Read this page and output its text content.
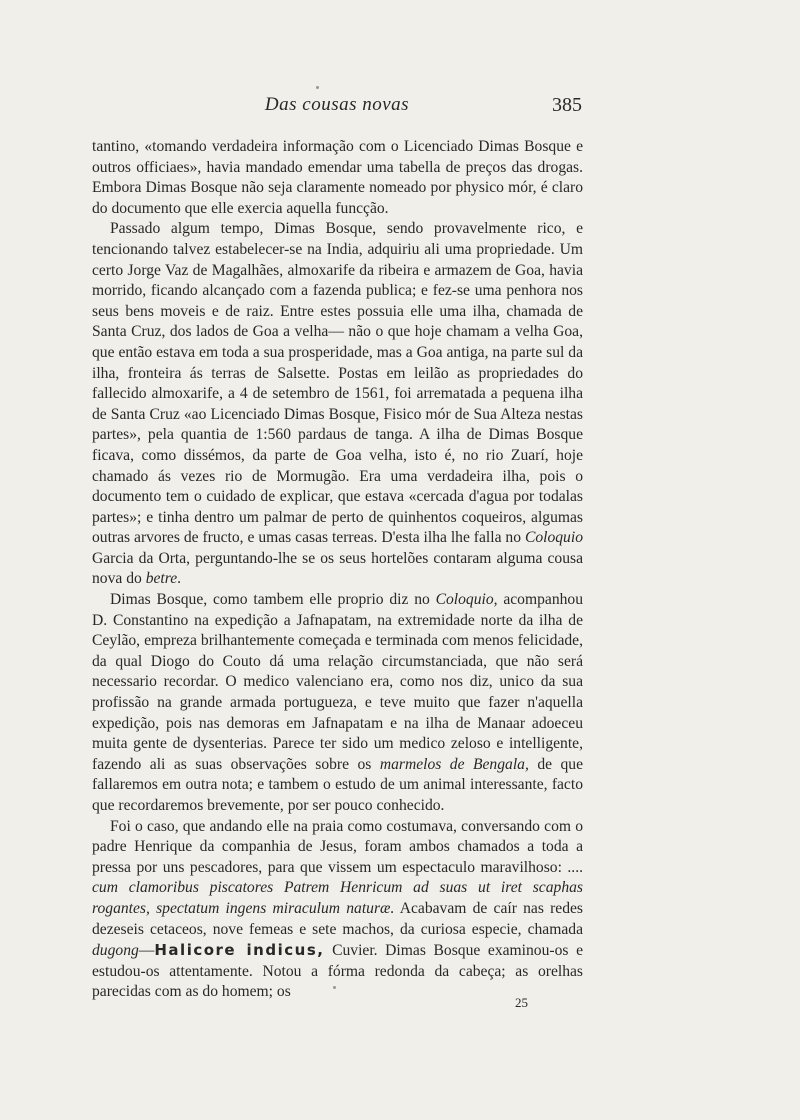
Das cousas novas	385

tantino, «tomando verdadeira informação com o Licenciado Dimas Bosque e outros officiaes», havia mandado emendar uma tabella de preços das drogas. Embora Dimas Bosque não seja claramente nomeado por physico mór, é claro do documento que elle exercia aquella funcção.

Passado algum tempo, Dimas Bosque, sendo provavelmente rico, e tencionando talvez estabelecer-se na India, adquiriu ali uma propriedade. Um certo Jorge Vaz de Magalhães, almoxarife da ribeira e armazem de Goa, havia morrido, ficando alcançado com a fazenda publica; e fez-se uma penhora nos seus bens moveis e de raiz. Entre estes possuia elle uma ilha, chamada de Santa Cruz, dos lados de Goa a velha— não o que hoje chamam a velha Goa, que então estava em toda a sua prosperidade, mas a Goa antiga, na parte sul da ilha, fronteira ás terras de Salsette. Postas em leilão as propriedades do fallecido almoxarife, a 4 de setembro de 1561, foi arrematada a pequena ilha de Santa Cruz «ao Licenciado Dimas Bosque, Fisico mór de Sua Alteza nestas partes», pela quantia de 1:560 pardaus de tanga. A ilha de Dimas Bosque ficava, como dissémos, da parte de Goa velha, isto é, no rio Zuarí, hoje chamado ás vezes rio de Mormugão. Era uma verdadeira ilha, pois o documento tem o cuidado de explicar, que estava «cercada d'agua por todalas partes»; e tinha dentro um palmar de perto de quinhentos coqueiros, algumas outras arvores de fructo, e umas casas terreas. D'esta ilha lhe falla no Coloquio Garcia da Orta, perguntando-lhe se os seus hortelões contaram alguma cousa nova do betre.

Dimas Bosque, como tambem elle proprio diz no Coloquio, acompanhou D. Constantino na expedição a Jafnapatam, na extremidade norte da ilha de Ceylão, empreza brilhantemente começada e terminada com menos felicidade, da qual Diogo do Couto dá uma relação circumstanciada, que não será necessario recordar. O medico valenciano era, como nos diz, unico da sua profissão na grande armada portugueza, e teve muito que fazer n'aquella expedição, pois nas demoras em Jafnapatam e na ilha de Manaar adoeceu muita gente de dysenterias. Parece ter sido um medico zeloso e intelligente, fazendo ali as suas observações sobre os marmelos de Bengala, de que fallaremos em outra nota; e tambem o estudo de um animal interessante, facto que recordaremos brevemente, por ser pouco conhecido.

Foi o caso, que andando elle na praia como costumava, conversando com o padre Henrique da companhia de Jesus, foram ambos chamados a toda a pressa por uns pescadores, para que vissem um espectaculo maravilhoso: .... cum clamoribus piscatores Patrem Henricum ad suas ut iret scaphas rogantes, spectatum ingens miraculum naturæ. Acabavam de caír nas redes dezeseis cetaceos, nove femeas e sete machos, da curiosa especie, chamada dugong—Halicore indicus, Cuvier. Dimas Bosque examinou-os e estudou-os attentamente. Notou a fórma redonda da cabeça; as orelhas parecidas com as do homem; os

25
